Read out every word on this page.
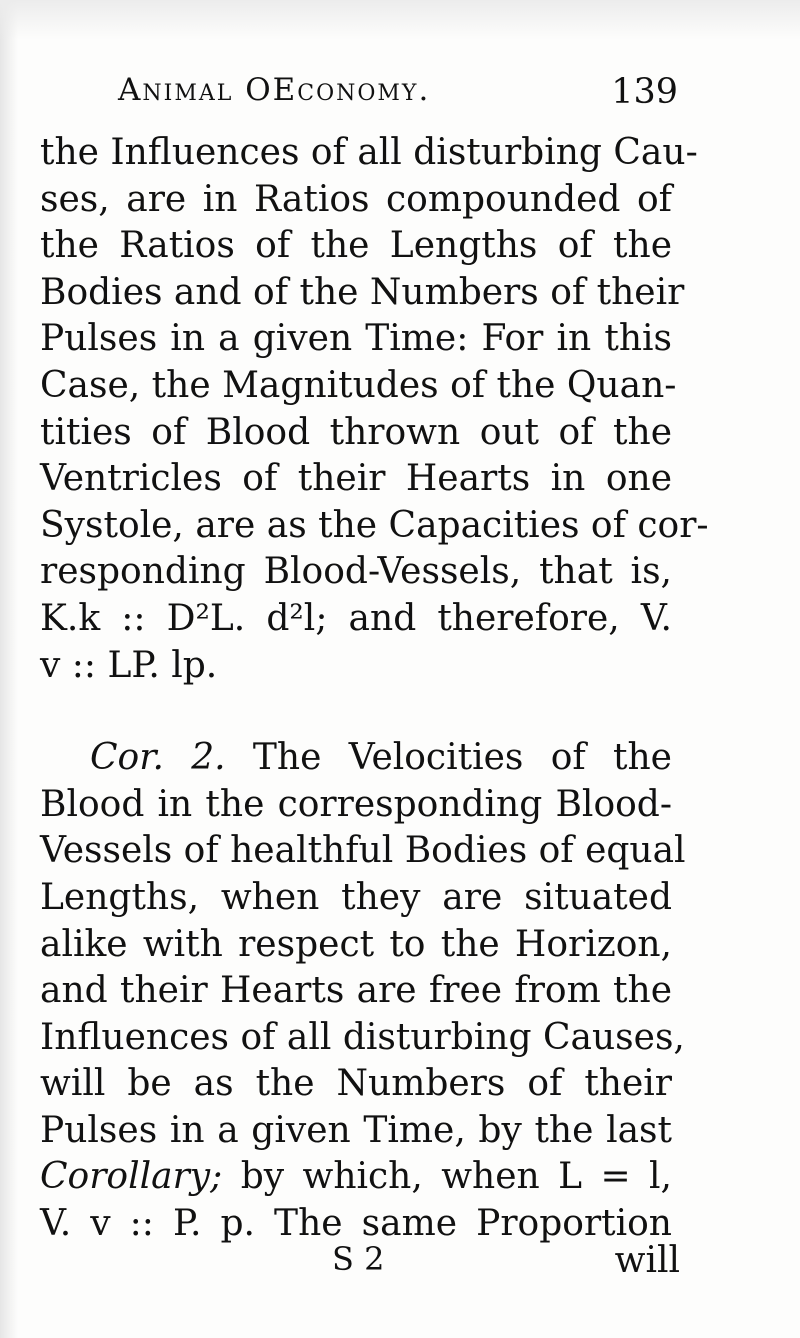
Animal OEconomy.	139
the Influences of all disturbing Cau-
ses, are in Ratios compounded of
the Ratios of the Lengths of the
Bodies and of the Numbers of their
Pulses in a given Time: For in this
Case, the Magnitudes of the Quan-
tities of Blood thrown out of the
Ventricles of their Hearts in one
Systole, are as the Capacities of cor-
responding Blood-Vessels, that is,
K.k :: D²L. d²l; and therefore, V.
v :: LP. lp.
Cor. 2. The Velocities of the
Blood in the corresponding Blood-
Vessels of healthful Bodies of equal
Lengths, when they are situated
alike with respect to the Horizon,
and their Hearts are free from the
Influences of all disturbing Causes,
will be as the Numbers of their
Pulses in a given Time, by the last
Corollary; by which, when L = l,
V. v :: P. p. The same Proportion
S 2	will
